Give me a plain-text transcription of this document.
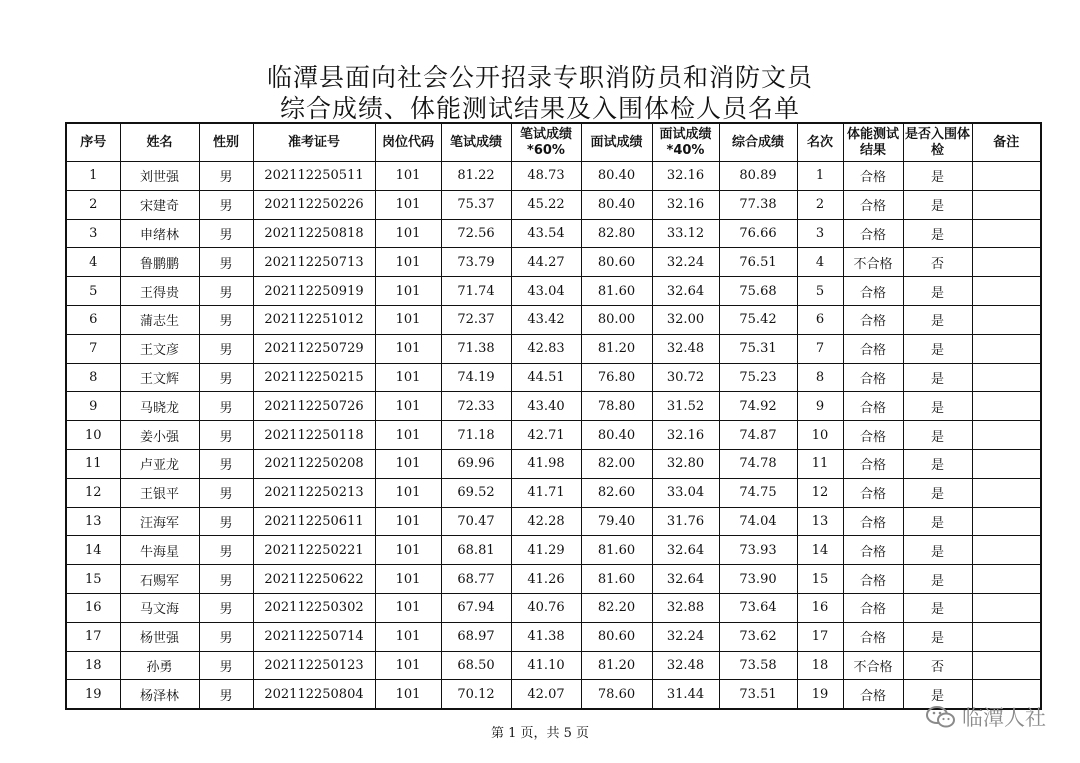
临潭县面向社会公开招录专职消防员和消防文员
综合成绩、体能测试结果及入围体检人员名单
序号	姓名	性别	准考证号	岗位代码	笔试成绩	笔试成绩*60%	面试成绩	面试成绩*40%	综合成绩	名次	体能测试结果	是否入围体检	备注
1	刘世强	男	202112250511	101	81.22	48.73	80.40	32.16	80.89	1	合格	是	
2	宋建奇	男	202112250226	101	75.37	45.22	80.40	32.16	77.38	2	合格	是	
3	申绪林	男	202112250818	101	72.56	43.54	82.80	33.12	76.66	3	合格	是	
4	鲁鹏鹏	男	202112250713	101	73.79	44.27	80.60	32.24	76.51	4	不合格	否	
5	王得贵	男	202112250919	101	71.74	43.04	81.60	32.64	75.68	5	合格	是	
6	蒲志生	男	202112251012	101	72.37	43.42	80.00	32.00	75.42	6	合格	是	
7	王文彦	男	202112250729	101	71.38	42.83	81.20	32.48	75.31	7	合格	是	
8	王文辉	男	202112250215	101	74.19	44.51	76.80	30.72	75.23	8	合格	是	
9	马晓龙	男	202112250726	101	72.33	43.40	78.80	31.52	74.92	9	合格	是	
10	姜小强	男	202112250118	101	71.18	42.71	80.40	32.16	74.87	10	合格	是	
11	卢亚龙	男	202112250208	101	69.96	41.98	82.00	32.80	74.78	11	合格	是	
12	王银平	男	202112250213	101	69.52	41.71	82.60	33.04	74.75	12	合格	是	
13	汪海军	男	202112250611	101	70.47	42.28	79.40	31.76	74.04	13	合格	是	
14	牛海星	男	202112250221	101	68.81	41.29	81.60	32.64	73.93	14	合格	是	
15	石赐军	男	202112250622	101	68.77	41.26	81.60	32.64	73.90	15	合格	是	
16	马文海	男	202112250302	101	67.94	40.76	82.20	32.88	73.64	16	合格	是	
17	杨世强	男	202112250714	101	68.97	41.38	80.60	32.24	73.62	17	合格	是	
18	孙勇	男	202112250123	101	68.50	41.10	81.20	32.48	73.58	18	不合格	否	
19	杨泽林	男	202112250804	101	70.12	42.07	78.60	31.44	73.51	19	合格	是	
第 1 页，共 5 页
临潭人社
